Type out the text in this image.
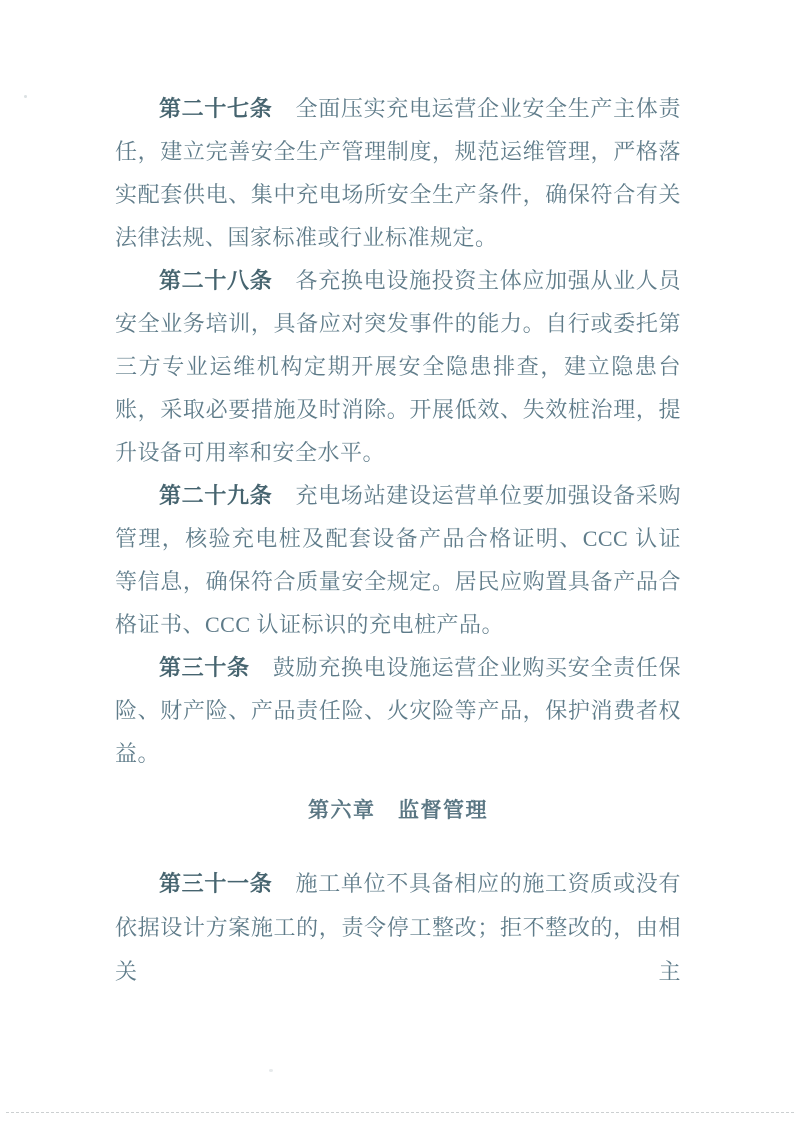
第二十七条 全面压实充电运营企业安全生产主体责任，建立完善安全生产管理制度，规范运维管理，严格落实配套供电、集中充电场所安全生产条件，确保符合有关法律法规、国家标准或行业标准规定。

第二十八条 各充换电设施投资主体应加强从业人员安全业务培训，具备应对突发事件的能力。自行或委托第三方专业运维机构定期开展安全隐患排查，建立隐患台账，采取必要措施及时消除。开展低效、失效桩治理，提升设备可用率和安全水平。

第二十九条 充电场站建设运营单位要加强设备采购管理，核验充电桩及配套设备产品合格证明、CCC 认证等信息，确保符合质量安全规定。居民应购置具备产品合格证书、CCC 认证标识的充电桩产品。

第三十条 鼓励充换电设施运营企业购买安全责任保险、财产险、产品责任险、火灾险等产品，保护消费者权益。

第六章　监督管理

第三十一条 施工单位不具备相应的施工资质或没有依据设计方案施工的，责令停工整改；拒不整改的，由相关主
